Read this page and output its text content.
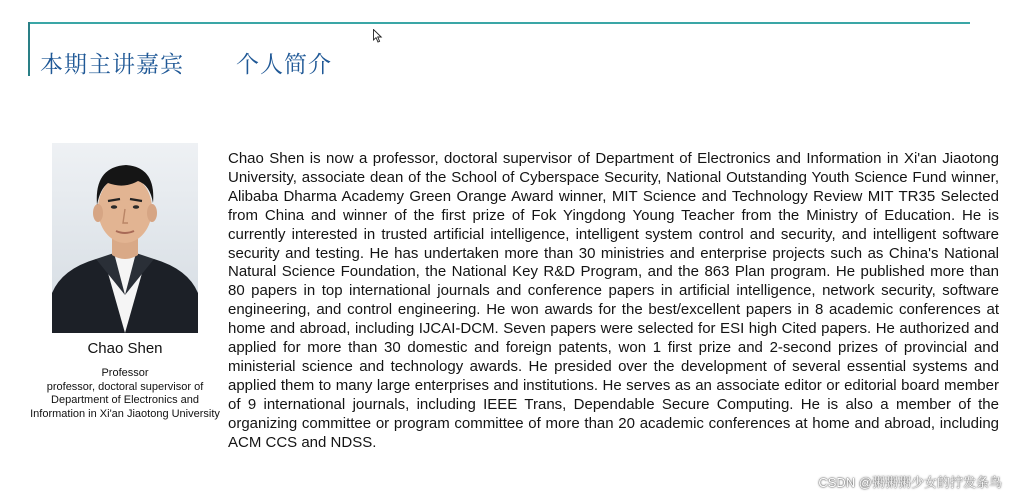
本期主讲嘉宾 个人简介
Chao Shen
Professor
professor, doctoral supervisor of Department of Electronics and Information in Xi'an Jiaotong University
Chao Shen is now a professor, doctoral supervisor of Department of Electronics and Information in Xi'an Jiaotong University, associate dean of the School of Cyberspace Security, National Outstanding Youth Science Fund winner, Alibaba Dharma Academy Green Orange Award winner, MIT Science and Technology Review MIT TR35 Selected from China and winner of the first prize of Fok Yingdong Young Teacher from the Ministry of Education. He is currently interested in trusted artificial intelligence, intelligent system control and security, and intelligent software security and testing. He has undertaken more than 30 ministries and enterprise projects such as China's National Natural Science Foundation, the National Key R&D Program, and the 863 Plan program. He published more than 80 papers in top international journals and conference papers in artificial intelligence, network security, software engineering, and control engineering. He won awards for the best/excellent papers in 8 academic conferences at home and abroad, including IJCAI-DCM. Seven papers were selected for ESI high Cited papers. He authorized and applied for more than 30 domestic and foreign patents, won 1 first prize and 2-second prizes of provincial and ministerial science and technology awards. He presided over the development of several essential systems and applied them to many large enterprises and institutions. He serves as an associate editor or editorial board member of 9 international journals, including IEEE Trans, Dependable Secure Computing. He is also a member of the organizing committee or program committee of more than 20 academic conferences at home and abroad, including ACM CCS and NDSS.
CSDN @粥粥粥少女的拧发条鸟
